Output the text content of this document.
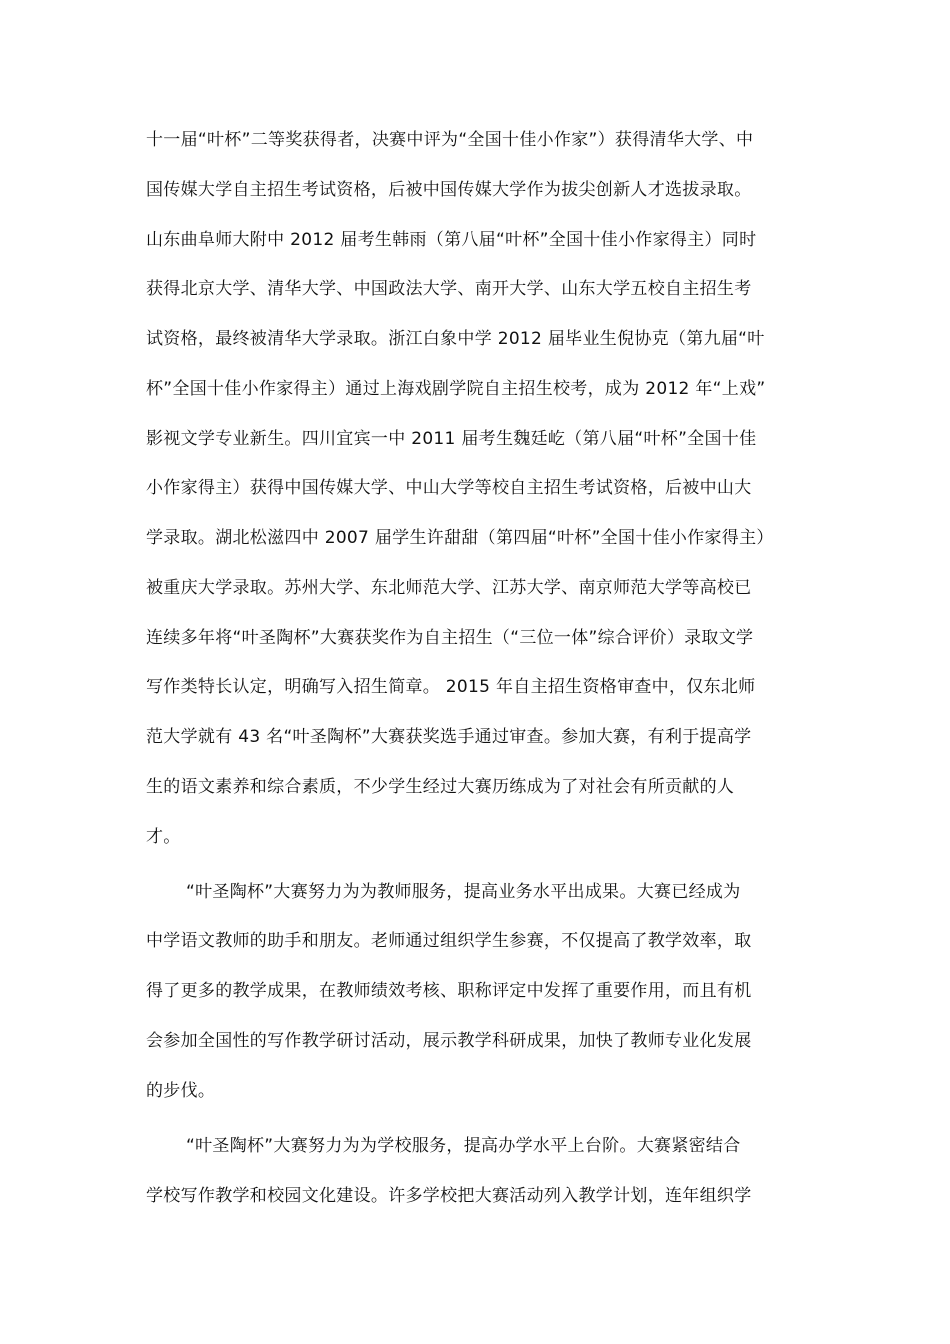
十一届“叶杯”二等奖获得者，决赛中评为“全国十佳小作家”）获得清华大学、中
国传媒大学自主招生考试资格，后被中国传媒大学作为拔尖创新人才选拔录取。
山东曲阜师大附中 2012 届考生韩雨（第八届“叶杯”全国十佳小作家得主）同时
获得北京大学、清华大学、中国政法大学、南开大学、山东大学五校自主招生考
试资格，最终被清华大学录取。浙江白象中学 2012 届毕业生倪协克（第九届“叶
杯”全国十佳小作家得主）通过上海戏剧学院自主招生校考，成为 2012 年“上戏”
影视文学专业新生。四川宜宾一中 2011 届考生魏廷屹（第八届“叶杯”全国十佳
小作家得主）获得中国传媒大学、中山大学等校自主招生考试资格，后被中山大
学录取。湖北松滋四中 2007 届学生许甜甜（第四届“叶杯”全国十佳小作家得主）
被重庆大学录取。苏州大学、东北师范大学、江苏大学、南京师范大学等高校已
连续多年将“叶圣陶杯”大赛获奖作为自主招生（“三位一体”综合评价）录取文学
写作类特长认定，明确写入招生简章。 2015 年自主招生资格审查中，仅东北师
范大学就有 43 名“叶圣陶杯”大赛获奖选手通过审查。参加大赛，有利于提高学
生的语文素养和综合素质，不少学生经过大赛历练成为了对社会有所贡献的人
才。
“叶圣陶杯”大赛努力为为教师服务，提高业务水平出成果。大赛已经成为
中学语文教师的助手和朋友。老师通过组织学生参赛，不仅提高了教学效率，取
得了更多的教学成果，在教师绩效考核、职称评定中发挥了重要作用，而且有机
会参加全国性的写作教学研讨活动，展示教学科研成果，加快了教师专业化发展
的步伐。
“叶圣陶杯”大赛努力为为学校服务，提高办学水平上台阶。大赛紧密结合
学校写作教学和校园文化建设。许多学校把大赛活动列入教学计划，连年组织学
